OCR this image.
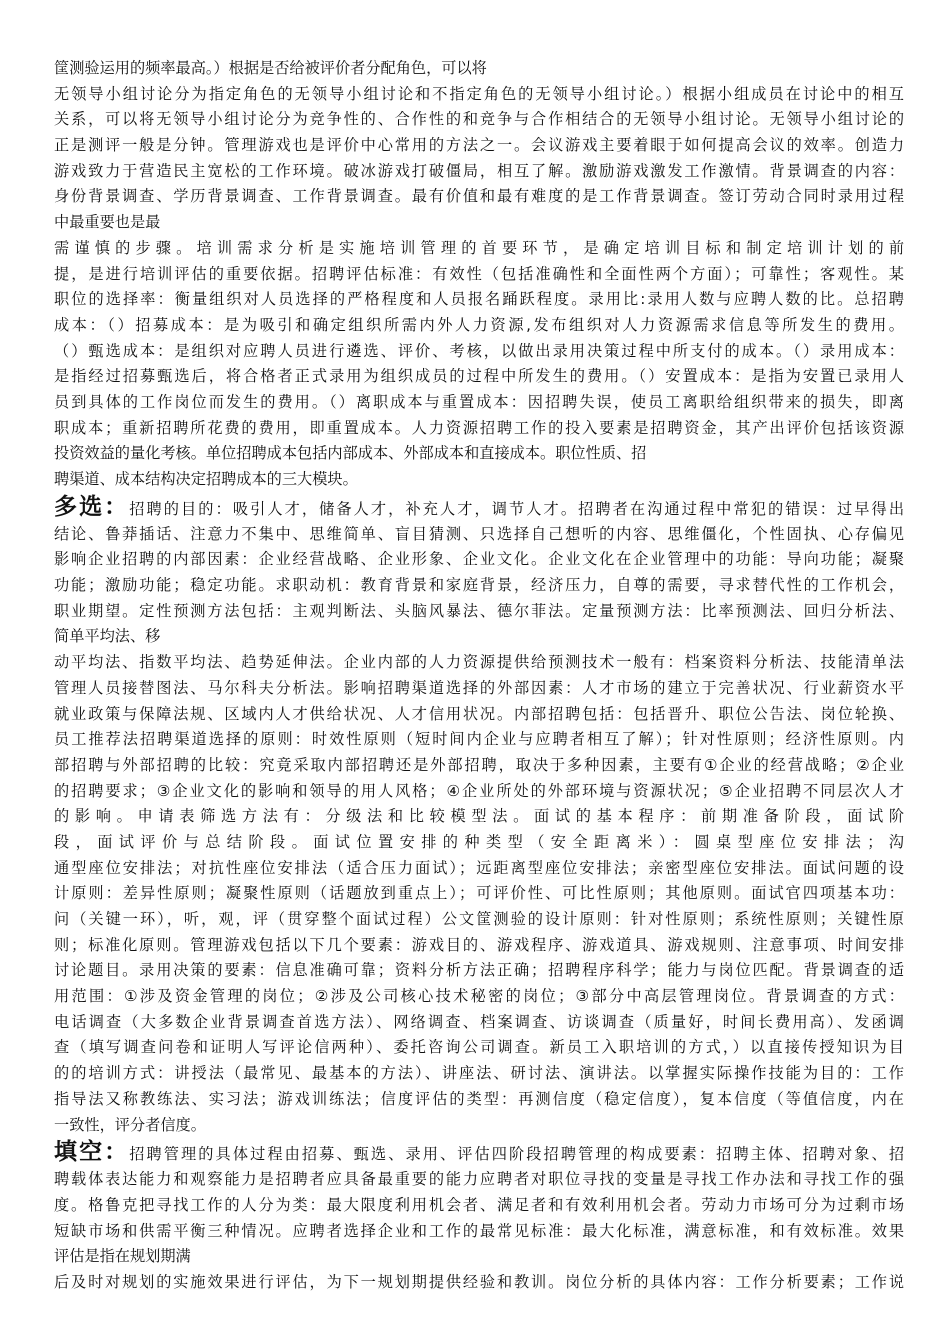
筐测验运用的频率最高。）根据是否给被评价者分配角色，可以将
无领导小组讨论分为指定角色的无领导小组讨论和不指定角色的无领导小组讨论。）根据小组成员在讨论中的相互
关系，可以将无领导小组讨论分为竞争性的、合作性的和竞争与合作相结合的无领导小组讨论。无领导小组讨论的
正是测评一般是分钟。管理游戏也是评价中心常用的方法之一。会议游戏主要着眼于如何提高会议的效率。创造力
游戏致力于营造民主宽松的工作环境。破冰游戏打破僵局，相互了解。激励游戏激发工作激情。背景调查的内容：
身份背景调查、学历背景调查、工作背景调查。最有价值和最有难度的是工作背景调查。签订劳动合同时录用过程
中最重要也是最
需谨慎的步骤。培训需求分析是实施培训管理的首要环节，是确定培训目标和制定培训计划的前
提，是进行培训评估的重要依据。招聘评估标准：有效性（包括准确性和全面性两个方面）；可靠性；客观性。某
职位的选择率：衡量组织对人员选择的严格程度和人员报名踊跃程度。录用比:录用人数与应聘人数的比。总招聘
成本：（）招募成本：是为吸引和确定组织所需内外人力资源,发布组织对人力资源需求信息等所发生的费用。
（）甄选成本：是组织对应聘人员进行遴选、评价、考核，以做出录用决策过程中所支付的成本。（）录用成本：
是指经过招募甄选后，将合格者正式录用为组织成员的过程中所发生的费用。（）安置成本：是指为安置已录用人
员到具体的工作岗位而发生的费用。（）离职成本与重置成本：因招聘失误，使员工离职给组织带来的损失，即离
职成本；重新招聘所花费的费用，即重置成本。人力资源招聘工作的投入要素是招聘资金，其产出评价包括该资源
投资效益的量化考核。单位招聘成本包括内部成本、外部成本和直接成本。职位性质、招
聘渠道、成本结构决定招聘成本的三大模块。
多选：招聘的目的：吸引人才，储备人才，补充人才，调节人才。招聘者在沟通过程中常犯的错误：过早得出
结论、鲁莽插话、注意力不集中、思维简单、盲目猜测、只选择自己想听的内容、思维僵化，个性固执、心存偏见
影响企业招聘的内部因素：企业经营战略、企业形象、企业文化。企业文化在企业管理中的功能：导向功能；凝聚
功能；激励功能；稳定功能。求职动机：教育背景和家庭背景，经济压力，自尊的需要，寻求替代性的工作机会，
职业期望。定性预测方法包括：主观判断法、头脑风暴法、德尔菲法。定量预测方法：比率预测法、回归分析法、
简单平均法、移
动平均法、指数平均法、趋势延伸法。企业内部的人力资源提供给预测技术一般有：档案资料分析法、技能清单法
管理人员接替图法、马尔科夫分析法。影响招聘渠道选择的外部因素：人才市场的建立于完善状况、行业薪资水平
就业政策与保障法规、区域内人才供给状况、人才信用状况。内部招聘包括：包括晋升、职位公告法、岗位轮换、
员工推荐法招聘渠道选择的原则：时效性原则（短时间内企业与应聘者相互了解）；针对性原则；经济性原则。内
部招聘与外部招聘的比较：究竟采取内部招聘还是外部招聘，取决于多种因素，主要有①企业的经营战略；②企业
的招聘要求；③企业文化的影响和领导的用人风格；④企业所处的外部环境与资源状况；⑤企业招聘不同层次人才
的影响。申请表筛选方法有：分级法和比较模型法。面试的基本程序：前期准备阶段，面试阶
段，面试评价与总结阶段。面试位置安排的种类型（安全距离米）：圆桌型座位安排法；沟
通型座位安排法；对抗性座位安排法（适合压力面试）；远距离型座位安排法；亲密型座位安排法。面试问题的设
计原则：差异性原则；凝聚性原则（话题放到重点上）；可评价性、可比性原则；其他原则。面试官四项基本功：
问（关键一环），听，观，评（贯穿整个面试过程）公文筐测验的设计原则：针对性原则；系统性原则；关键性原
则；标准化原则。管理游戏包括以下几个要素：游戏目的、游戏程序、游戏道具、游戏规则、注意事项、时间安排
讨论题目。录用决策的要素：信息准确可靠；资料分析方法正确；招聘程序科学；能力与岗位匹配。背景调查的适
用范围：①涉及资金管理的岗位；②涉及公司核心技术秘密的岗位；③部分中高层管理岗位。背景调查的方式：
电话调查（大多数企业背景调查首选方法）、网络调查、档案调查、访谈调查（质量好，时间长费用高）、发函调
查（填写调查问卷和证明人写评论信两种）、委托咨询公司调查。新员工入职培训的方式，）以直接传授知识为目
的的培训方式：讲授法（最常见、最基本的方法）、讲座法、研讨法、演讲法。以掌握实际操作技能为目的：工作
指导法又称教练法、实习法；游戏训练法；信度评估的类型：再测信度（稳定信度），复本信度（等值信度，内在
一致性，评分者信度。
填空：招聘管理的具体过程由招募、甄选、录用、评估四阶段招聘管理的构成要素：招聘主体、招聘对象、招
聘载体表达能力和观察能力是招聘者应具备最重要的能力应聘者对职位寻找的变量是寻找工作办法和寻找工作的强
度。格鲁克把寻找工作的人分为类：最大限度利用机会者、满足者和有效利用机会者。劳动力市场可分为过剩市场
短缺市场和供需平衡三种情况。应聘者选择企业和工作的最常见标准：最大化标准，满意标准，和有效标准。效果
评估是指在规划期满
后及时对规划的实施效果进行评估，为下一规划期提供经验和教训。岗位分析的具体内容：工作分析要素；工作说
